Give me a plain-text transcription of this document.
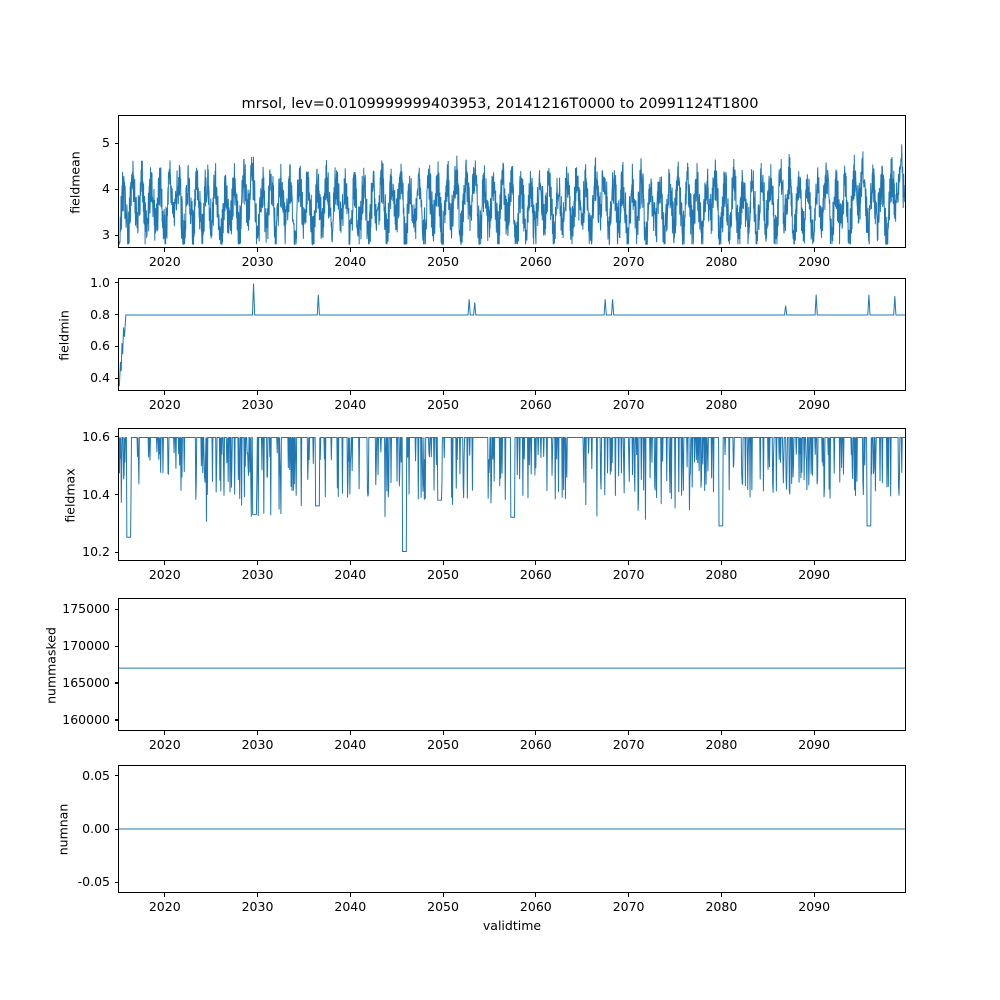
mrsol, lev=0.0109999999403953, 20141216T0000 to 20991124T1800
fieldmean
fieldmin
fieldmax
nummasked
numnan
validtime
2020	2030	2040	2050	2060	2070	2080	2090
3
4
5
2020	2030	2040	2050	2060	2070	2080	2090
0.4
0.6
0.8
1.0
2020	2030	2040	2050	2060	2070	2080	2090
10.2
10.4
10.6
2020	2030	2040	2050	2060	2070	2080	2090
160000
165000
170000
175000
2020	2030	2040	2050	2060	2070	2080	2090
-0.05
0.00
0.05
